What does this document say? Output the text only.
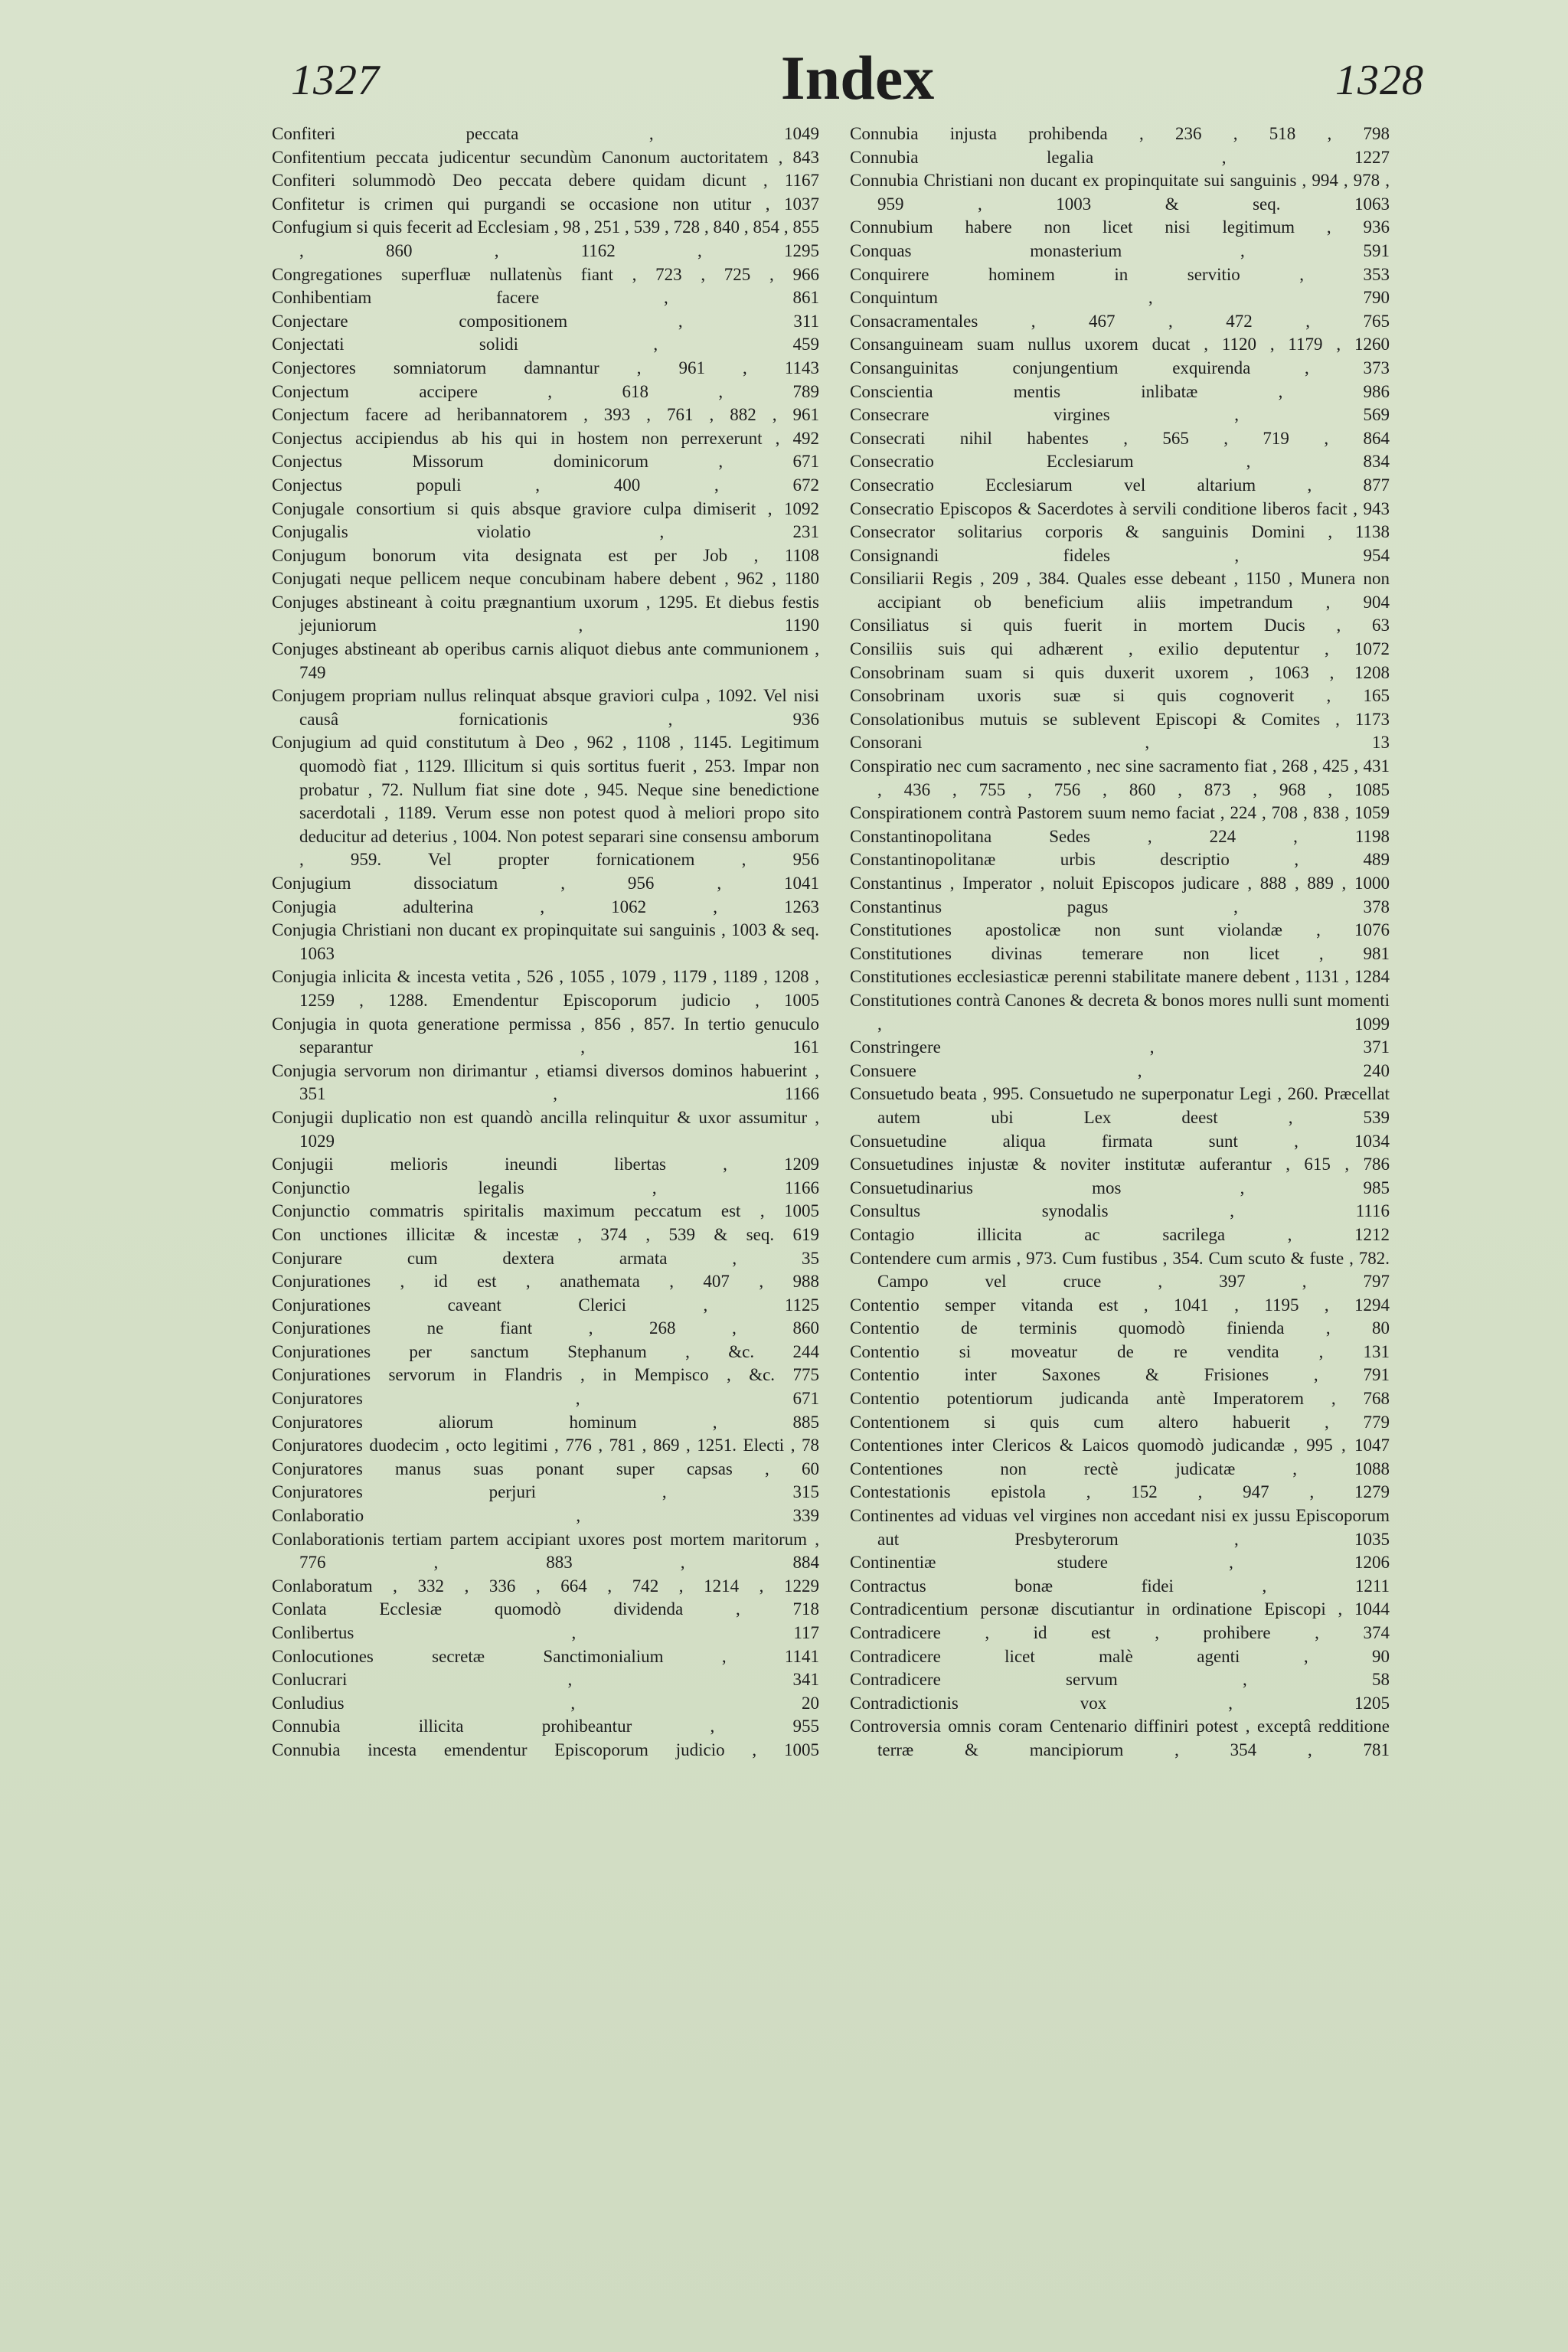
1327	Index	1328

Confiteri peccata , 1049

Confitentium peccata judicentur secundùm Canonum auctoritatem , 843

Confiteri solummodò Deo peccata debere quidam dicunt , 1167

Confitetur is crimen qui purgandi se occasione non utitur , 1037

Confugium si quis fecerit ad Ecclesiam , 98 , 251 , 539 , 728 , 840 , 854 , 855 , 860 , 1162 , 1295

Congregationes superfluæ nullatenùs fiant , 723 , 725 , 966

Conhibentiam facere , 861

Conjectare compositionem , 311

Conjectati solidi , 459

Conjectores somniatorum damnantur , 961 , 1143

Conjectum accipere , 618 , 789

Conjectum facere ad heribannatorem , 393 , 761 , 882 , 961

Conjectus accipiendus ab his qui in hostem non perrexerunt , 492

Conjectus Missorum dominicorum , 671

Conjectus populi , 400 , 672

Conjugale consortium si quis absque graviore culpa dimiserit , 1092

Conjugalis violatio , 231

Conjugum bonorum vita designata est per Job , 1108

Conjugati neque pellicem neque concubinam habere debent , 962 , 1180

Conjuges abstineant à coitu prægnantium uxorum , 1295. Et diebus festis jejuniorum , 1190

Conjuges abstineant ab operibus carnis aliquot diebus ante communionem , 749

Conjugem propriam nullus relinquat absque graviori culpa , 1092. Vel nisi causâ fornicationis , 936

Conjugium ad quid constitutum à Deo , 962 , 1108 , 1145. Legitimum quomodò fiat , 1129. Illicitum si quis sortitus fuerit , 253. Impar non probatur , 72. Nullum fiat sine dote , 945. Neque sine benedictione sacerdotali , 1189. Verum esse non potest quod à meliori propo sito deducitur ad deterius , 1004. Non potest separari sine consensu amborum , 959. Vel propter fornicationem , 956

Conjugium dissociatum , 956 , 1041

Conjugia adulterina , 1062 , 1263

Conjugia Christiani non ducant ex propinquitate sui sanguinis , 1003 & seq. 1063

Conjugia inlicita & incesta vetita , 526 , 1055 , 1079 , 1179 , 1189 , 1208 , 1259 , 1288. Emendentur Episcoporum judicio , 1005

Conjugia in quota generatione permissa , 856 , 857. In tertio genuculo separantur , 161

Conjugia servorum non dirimantur , etiamsi diversos dominos habuerint , 351 , 1166

Conjugii duplicatio non est quandò ancilla relinquitur & uxor assumitur , 1029

Conjugii melioris ineundi libertas , 1209

Conjunctio legalis , 1166

Conjunctio commatris spiritalis maximum peccatum est , 1005

Con unctiones illicitæ & incestæ , 374 , 539 & seq. 619

Conjurare cum dextera armata , 35

Conjurationes , id est , anathemata , 407 , 988

Conjurationes caveant Clerici , 1125

Conjurationes ne fiant , 268 , 860

Conjurationes per sanctum Stephanum , &c. 244

Conjurationes servorum in Flandris , in Mempisco , &c. 775

Conjuratores , 671

Conjuratores aliorum hominum , 885

Conjuratores duodecim , octo legitimi , 776 , 781 , 869 , 1251. Electi , 78

Conjuratores manus suas ponant super capsas , 60

Conjuratores perjuri , 315

Conlaboratio , 339

Conlaborationis tertiam partem accipiant uxores post mortem maritorum , 776 , 883 , 884

Conlaboratum , 332 , 336 , 664 , 742 , 1214 , 1229

Conlata Ecclesiæ quomodò dividenda , 718

Conlibertus , 117

Conlocutiones secretæ Sanctimonialium , 1141

Conlucrari , 341

Conludius , 20

Connubia illicita prohibeantur , 955

Connubia incesta emendentur Episcoporum judicio , 1005

Connubia injusta prohibenda , 236 , 518 , 798

Connubia legalia , 1227

Connubia Christiani non ducant ex propinquitate sui sanguinis , 994 , 978 , 959 , 1003 & seq. 1063

Connubium habere non licet nisi legitimum , 936

Conquas monasterium , 591

Conquirere hominem in servitio , 353

Conquintum , 790

Consacramentales , 467 , 472 , 765

Consanguineam suam nullus uxorem ducat , 1120 , 1179 , 1260

Consanguinitas conjungentium exquirenda , 373

Conscientia mentis inlibatæ , 986

Consecrare virgines , 569

Consecrati nihil habentes , 565 , 719 , 864

Consecratio Ecclesiarum , 834

Consecratio Ecclesiarum vel altarium , 877

Consecratio Episcopos & Sacerdotes à servili conditione liberos facit , 943

Consecrator solitarius corporis & sanguinis Domini , 1138

Consignandi fideles , 954

Consiliarii Regis , 209 , 384. Quales esse debeant , 1150 , Munera non accipiant ob beneficium aliis impetrandum , 904

Consiliatus si quis fuerit in mortem Ducis , 63

Consiliis suis qui adhærent , exilio deputentur , 1072

Consobrinam suam si quis duxerit uxorem , 1063 , 1208

Consobrinam uxoris suæ si quis cognoverit , 165

Consolationibus mutuis se sublevent Episcopi & Comites , 1173

Consorani , 13

Conspiratio nec cum sacramento , nec sine sacramento fiat , 268 , 425 , 431 , 436 , 755 , 756 , 860 , 873 , 968 , 1085

Conspirationem contrà Pastorem suum nemo faciat , 224 , 708 , 838 , 1059

Constantinopolitana Sedes , 224 , 1198

Constantinopolitanæ urbis descriptio , 489

Constantinus , Imperator , noluit Episcopos judicare , 888 , 889 , 1000

Constantinus pagus , 378

Constitutiones apostolicæ non sunt violandæ , 1076

Constitutiones divinas temerare non licet , 981

Constitutiones ecclesiasticæ perenni stabilitate manere debent , 1131 , 1284

Constitutiones contrà Canones & decreta & bonos mores nulli sunt momenti , 1099

Constringere , 371

Consuere , 240

Consuetudo beata , 995. Consuetudo ne superponatur Legi , 260. Præcellat autem ubi Lex deest , 539

Consuetudine aliqua firmata sunt , 1034

Consuetudines injustæ & noviter institutæ auferantur , 615 , 786

Consuetudinarius mos , 985

Consultus synodalis , 1116

Contagio illicita ac sacrilega , 1212

Contendere cum armis , 973. Cum fustibus , 354. Cum scuto & fuste , 782. Campo vel cruce , 397 , 797

Contentio semper vitanda est , 1041 , 1195 , 1294

Contentio de terminis quomodò finienda , 80

Contentio si moveatur de re vendita , 131

Contentio inter Saxones & Frisiones , 791

Contentio potentiorum judicanda antè Imperatorem , 768

Contentionem si quis cum altero habuerit , 779

Contentiones inter Clericos & Laicos quomodò judicandæ , 995 , 1047

Contentiones non rectè judicatæ , 1088

Contestationis epistola , 152 , 947 , 1279

Continentes ad viduas vel virgines non accedant nisi ex jussu Episcoporum aut Presbyterorum , 1035

Continentiæ studere , 1206

Contractus bonæ fidei , 1211

Contradicentium personæ discutiantur in ordinatione Episcopi , 1044

Contradicere , id est , prohibere , 374

Contradicere licet malè agenti , 90

Contradicere servum , 58

Contradictionis vox , 1205

Controversia omnis coram Centenario diffiniri potest , exceptâ redditione terræ & mancipiorum , 354 , 781
